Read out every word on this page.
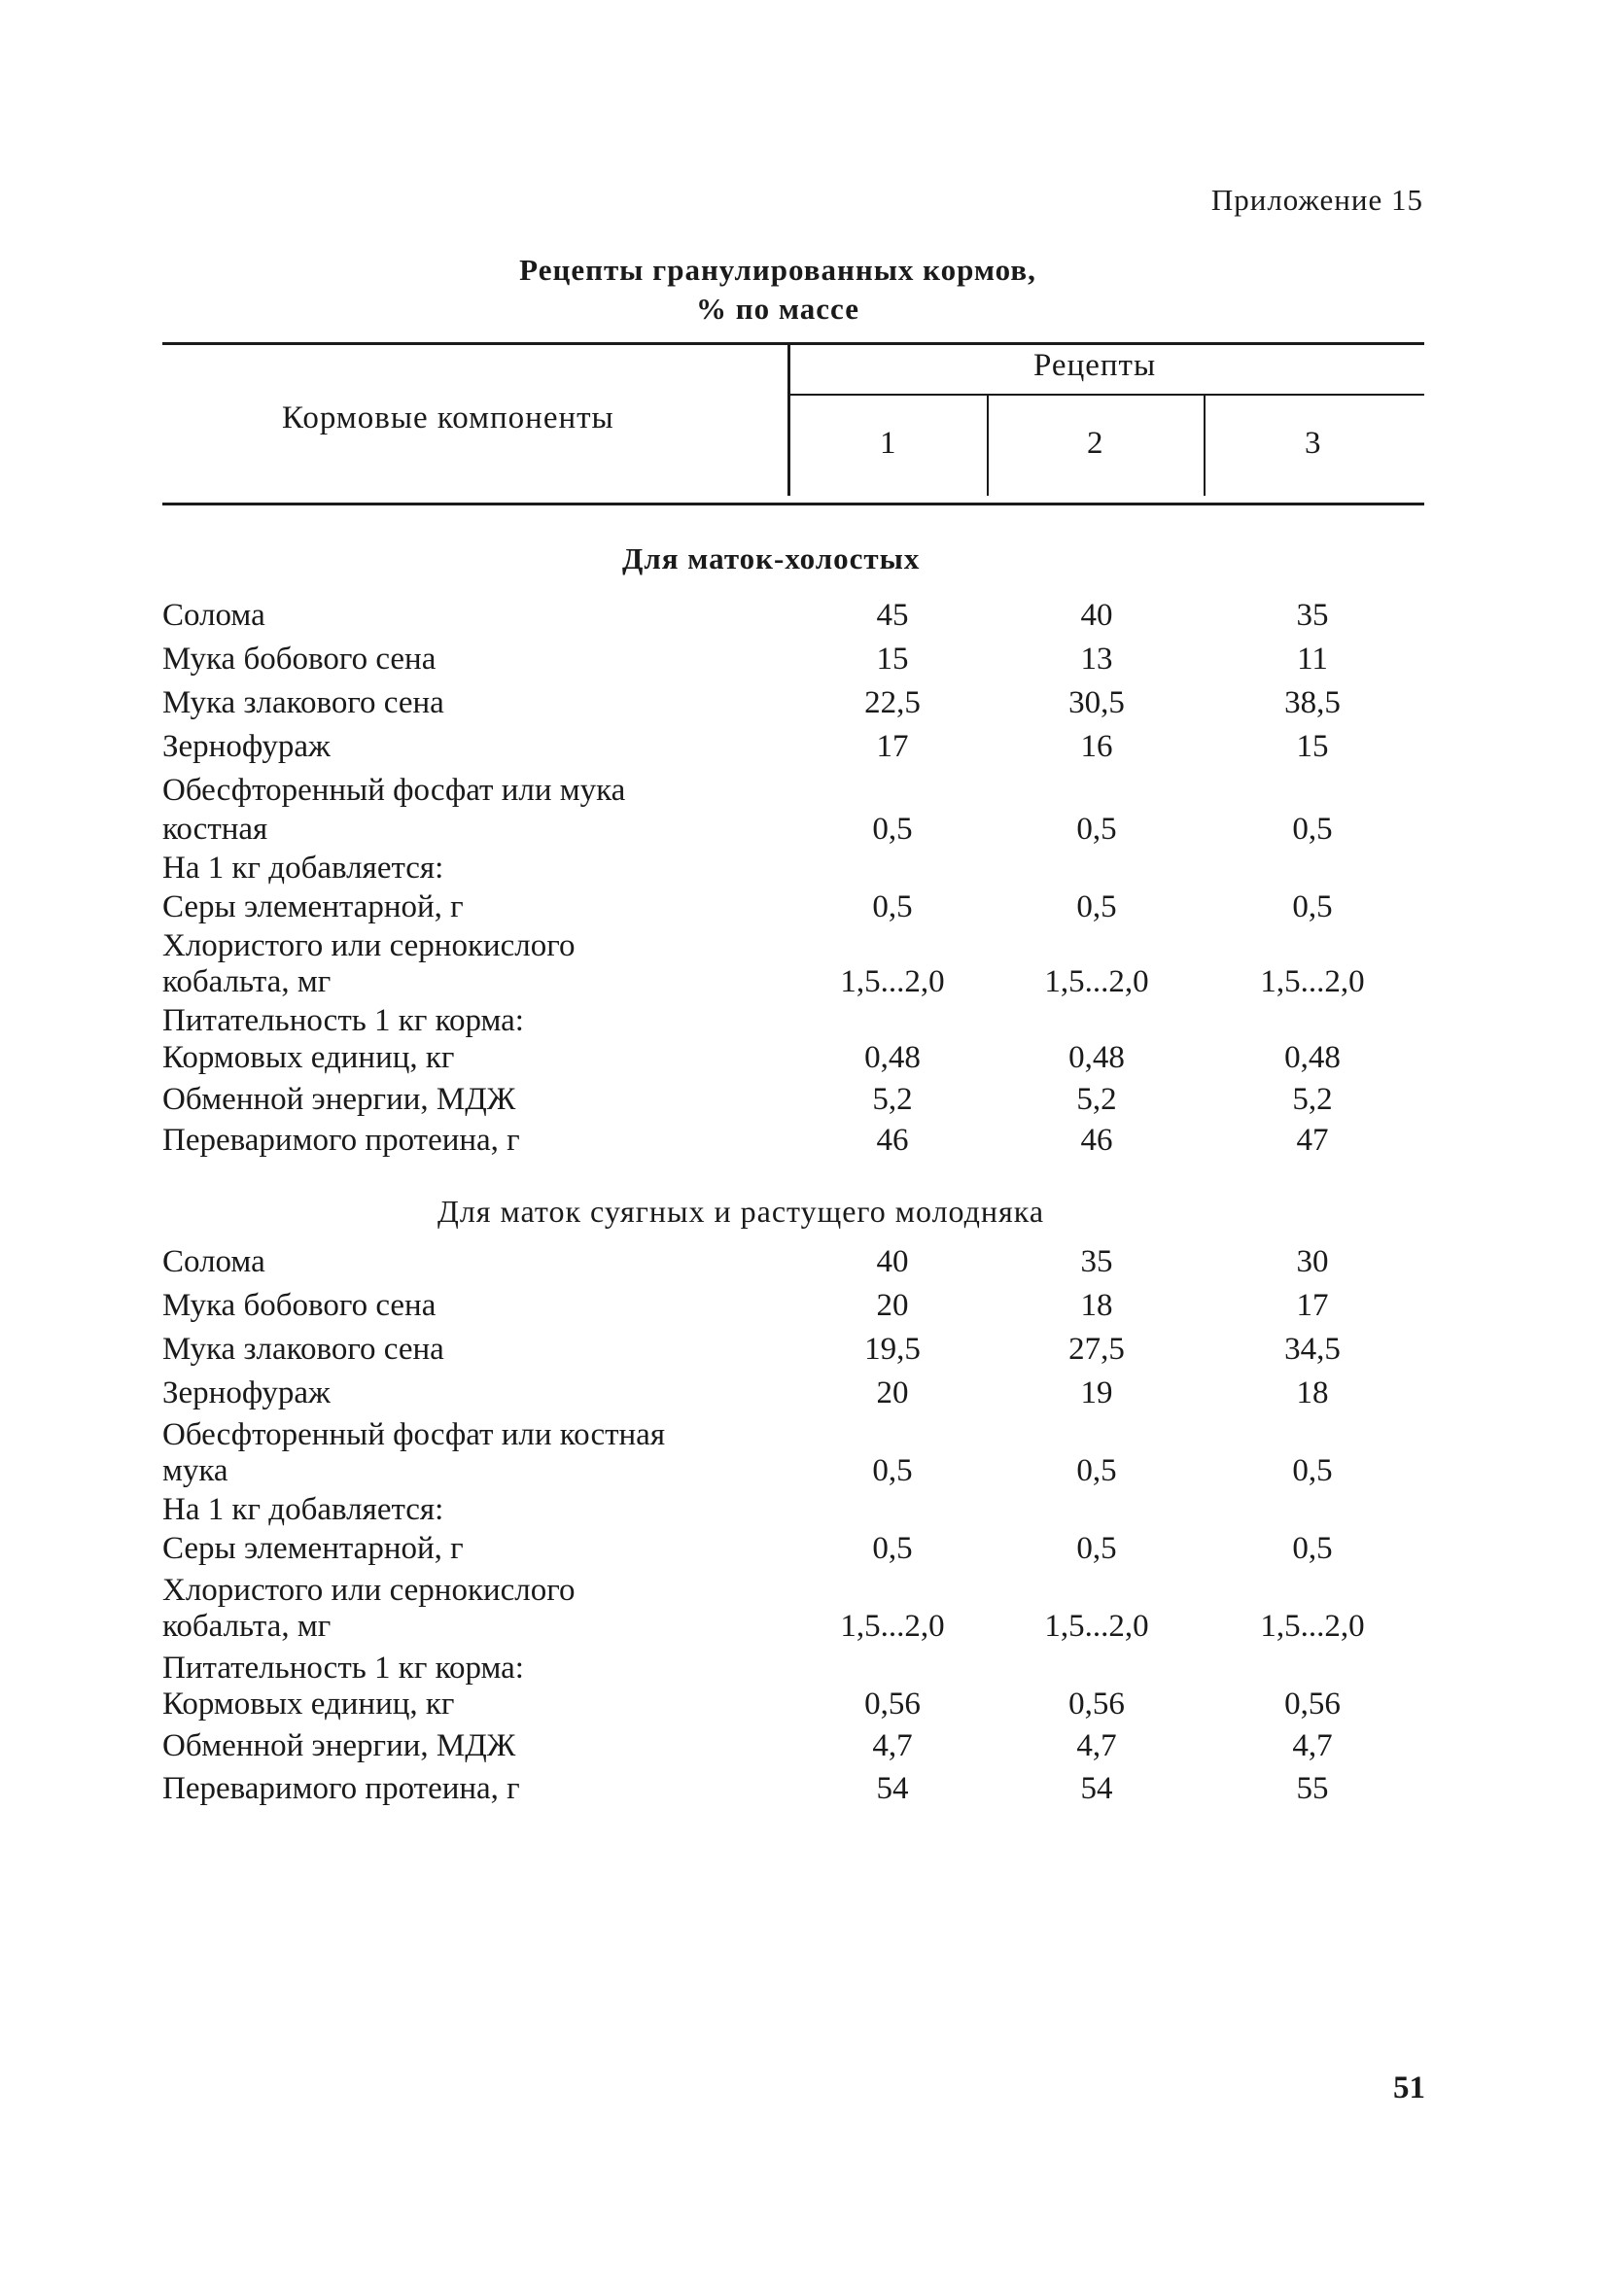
Приложение 15
Рецепты гранулированных кормов,
% по массе
Кормовые компоненты
Рецепты
1	2	3
Для маток-холостых
Солома	45	40	35
Мука бобового сена	15	13	11
Мука злакового сена	22,5	30,5	38,5
Зернофураж	17	16	15
Обесфторенный фосфат или мука
костная	0,5	0,5	0,5
На 1 кг добавляется:
Серы элементарной, г	0,5	0,5	0,5
Хлористого или сернокислого
кобальта, мг	1,5...2,0	1,5...2,0	1,5...2,0
Питательность 1 кг корма:
Кормовых единиц, кг	0,48	0,48	0,48
Обменной энергии, МДЖ	5,2	5,2	5,2
Переваримого протеина, г	46	46	47
Для маток суягных и растущего молодняка
Солома	40	35	30
Мука бобового сена	20	18	17
Мука злакового сена	19,5	27,5	34,5
Зернофураж	20	19	18
Обесфторенный фосфат или костная
мука	0,5	0,5	0,5
На 1 кг добавляется:
Серы элементарной, г	0,5	0,5	0,5
Хлористого или сернокислого
кобальта, мг	1,5...2,0	1,5...2,0	1,5...2,0
Питательность 1 кг корма:
Кормовых единиц, кг	0,56	0,56	0,56
Обменной энергии, МДЖ	4,7	4,7	4,7
Переваримого протеина, г	54	54	55
51
